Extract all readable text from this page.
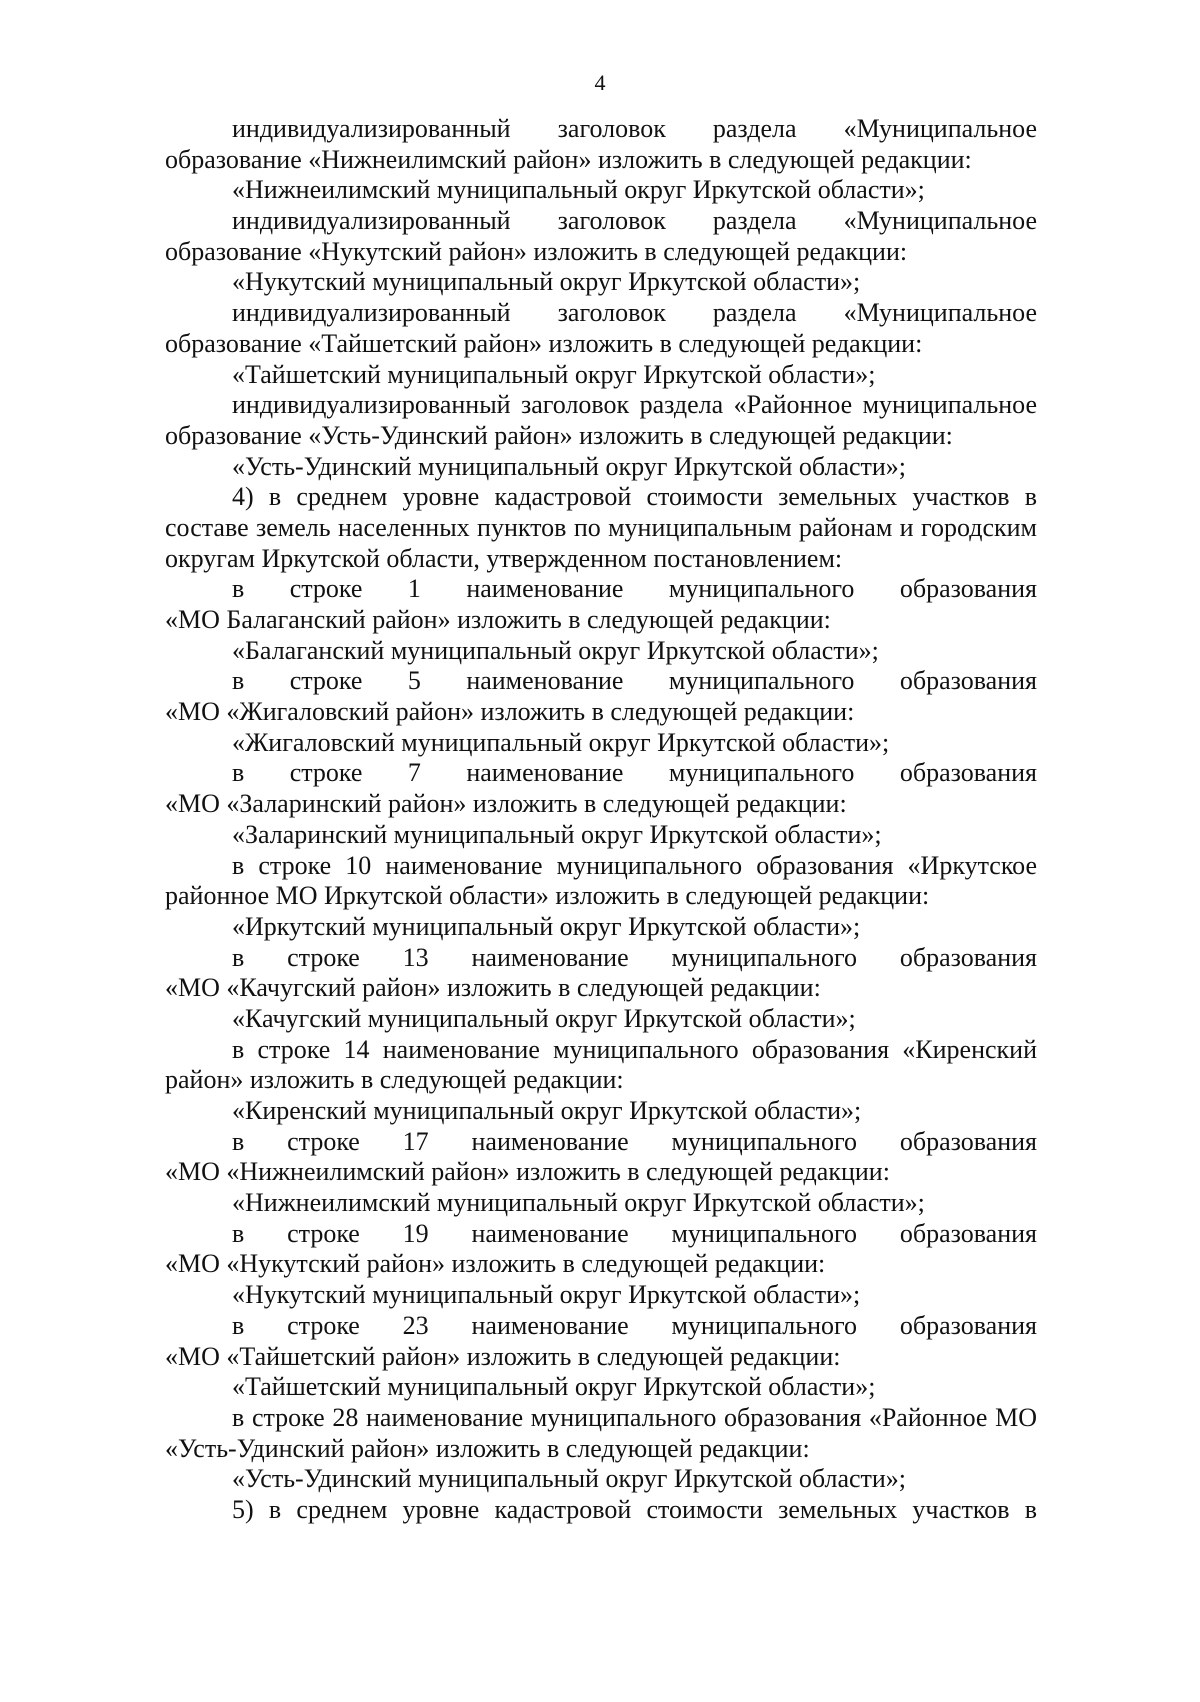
4
индивидуализированный заголовок раздела «Муниципальное
образование «Нижнеилимский район» изложить в следующей редакции:
«Нижнеилимский муниципальный округ Иркутской области»;
индивидуализированный заголовок раздела «Муниципальное
образование «Нукутский район» изложить в следующей редакции:
«Нукутский муниципальный округ Иркутской области»;
индивидуализированный заголовок раздела «Муниципальное
образование «Тайшетский район» изложить в следующей редакции:
«Тайшетский муниципальный округ Иркутской области»;
индивидуализированный заголовок раздела «Районное муниципальное
образование «Усть-Удинский район» изложить в следующей редакции:
«Усть-Удинский муниципальный округ Иркутской области»;
4) в среднем уровне кадастровой стоимости земельных участков в
составе земель населенных пунктов по муниципальным районам и городским
округам Иркутской области, утвержденном постановлением:
в строке 1 наименование муниципального образования
«МО Балаганский район» изложить в следующей редакции:
«Балаганский муниципальный округ Иркутской области»;
в строке 5 наименование муниципального образования
«МО «Жигаловский район» изложить в следующей редакции:
«Жигаловский муниципальный округ Иркутской области»;
в строке 7 наименование муниципального образования
«МО «Заларинский район» изложить в следующей редакции:
«Заларинский муниципальный округ Иркутской области»;
в строке 10 наименование муниципального образования «Иркутское
районное МО Иркутской области» изложить в следующей редакции:
«Иркутский муниципальный округ Иркутской области»;
в строке 13 наименование муниципального образования
«МО «Качугский район» изложить в следующей редакции:
«Качугский муниципальный округ Иркутской области»;
в строке 14 наименование муниципального образования «Киренский
район» изложить в следующей редакции:
«Киренский муниципальный округ Иркутской области»;
в строке 17 наименование муниципального образования
«МО «Нижнеилимский район» изложить в следующей редакции:
«Нижнеилимский муниципальный округ Иркутской области»;
в строке 19 наименование муниципального образования
«МО «Нукутский район» изложить в следующей редакции:
«Нукутский муниципальный округ Иркутской области»;
в строке 23 наименование муниципального образования
«МО «Тайшетский район» изложить в следующей редакции:
«Тайшетский муниципальный округ Иркутской области»;
в строке 28 наименование муниципального образования «Районное МО
«Усть-Удинский район» изложить в следующей редакции:
«Усть-Удинский муниципальный округ Иркутской области»;
5) в среднем уровне кадастровой стоимости земельных участков в
